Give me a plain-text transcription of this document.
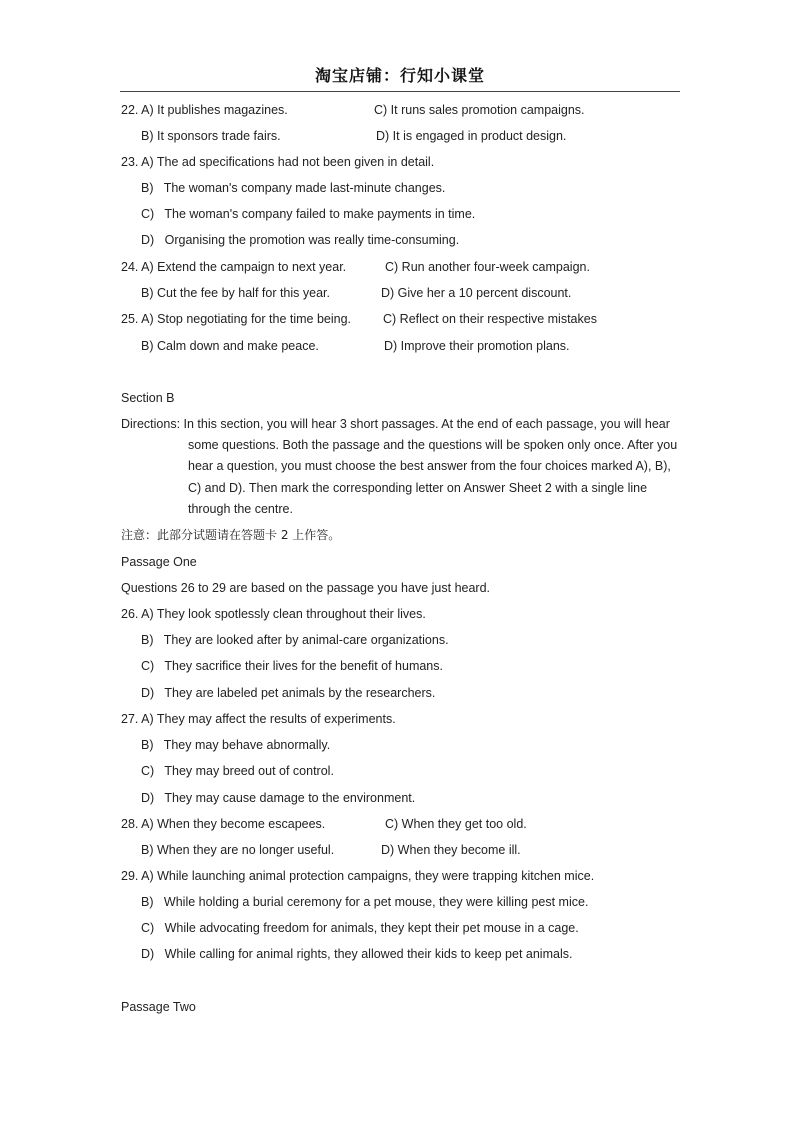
淘宝店铺：行知小课堂
22. A) It publishes magazines.	C) It runs sales promotion campaigns.
B) It sponsors trade fairs.	D) It is engaged in product design.
23. A) The ad specifications had not been given in detail.
B)   The woman's company made last-minute changes.
C)   The woman's company failed to make payments in time.
D)   Organising the promotion was really time-consuming.
24. A) Extend the campaign to next year.	C) Run another four-week campaign.
B) Cut the fee by half for this year.	D) Give her a 10 percent discount.
25. A) Stop negotiating for the time being.	C) Reflect on their respective mistakes
B) Calm down and make peace.	D) Improve their promotion plans.
Section B
Directions: In this section, you will hear 3 short passages. At the end of each passage, you will hear
some questions. Both the passage and the questions will be spoken only once. After you
hear a question, you must choose the best answer from the four choices marked A), B),
C) and D). Then mark the corresponding letter on Answer Sheet 2 with a single line
through the centre.
注意：此部分试题请在答题卡 2 上作答。
Passage One
Questions 26 to 29 are based on the passage you have just heard.
26. A) They look spotlessly clean throughout their lives.
B)   They are looked after by animal-care organizations.
C)   They sacrifice their lives for the benefit of humans.
D)   They are labeled pet animals by the researchers.
27. A) They may affect the results of experiments.
B)   They may behave abnormally.
C)   They may breed out of control.
D)   They may cause damage to the environment.
28. A) When they become escapees.	C) When they get too old.
B) When they are no longer useful.	D) When they become ill.
29. A) While launching animal protection campaigns, they were trapping kitchen mice.
B)   While holding a burial ceremony for a pet mouse, they were killing pest mice.
C)   While advocating freedom for animals, they kept their pet mouse in a cage.
D)   While calling for animal rights, they allowed their kids to keep pet animals.
Passage Two
